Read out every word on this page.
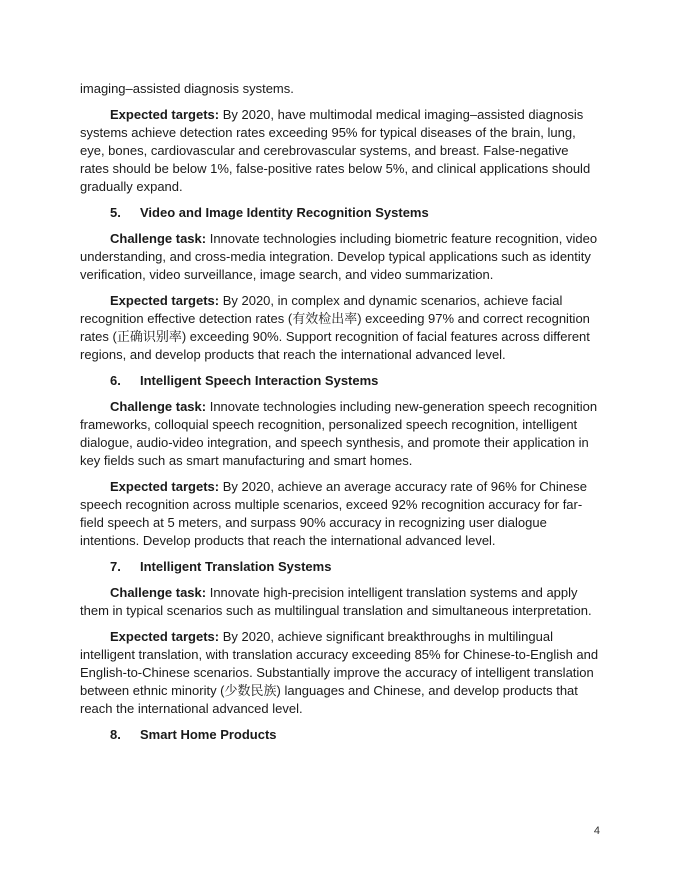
imaging–assisted diagnosis systems.

Expected targets: By 2020, have multimodal medical imaging–assisted diagnosis systems achieve detection rates exceeding 95% for typical diseases of the brain, lung, eye, bones, cardiovascular and cerebrovascular systems, and breast. False-negative rates should be below 1%, false-positive rates below 5%, and clinical applications should gradually expand.

5.	Video and Image Identity Recognition Systems

Challenge task: Innovate technologies including biometric feature recognition, video understanding, and cross-media integration. Develop typical applications such as identity verification, video surveillance, image search, and video summarization.

Expected targets: By 2020, in complex and dynamic scenarios, achieve facial recognition effective detection rates (有效检出率) exceeding 97% and correct recognition rates (正确识别率) exceeding 90%. Support recognition of facial features across different regions, and develop products that reach the international advanced level.

6.	Intelligent Speech Interaction Systems

Challenge task: Innovate technologies including new-generation speech recognition frameworks, colloquial speech recognition, personalized speech recognition, intelligent dialogue, audio-video integration, and speech synthesis, and promote their application in key fields such as smart manufacturing and smart homes.

Expected targets: By 2020, achieve an average accuracy rate of 96% for Chinese speech recognition across multiple scenarios, exceed 92% recognition accuracy for far-field speech at 5 meters, and surpass 90% accuracy in recognizing user dialogue intentions. Develop products that reach the international advanced level.

7.	Intelligent Translation Systems

Challenge task: Innovate high-precision intelligent translation systems and apply them in typical scenarios such as multilingual translation and simultaneous interpretation.

Expected targets: By 2020, achieve significant breakthroughs in multilingual intelligent translation, with translation accuracy exceeding 85% for Chinese-to-English and English-to-Chinese scenarios. Substantially improve the accuracy of intelligent translation between ethnic minority (少数民族) languages and Chinese, and develop products that reach the international advanced level.

8.	Smart Home Products
4
